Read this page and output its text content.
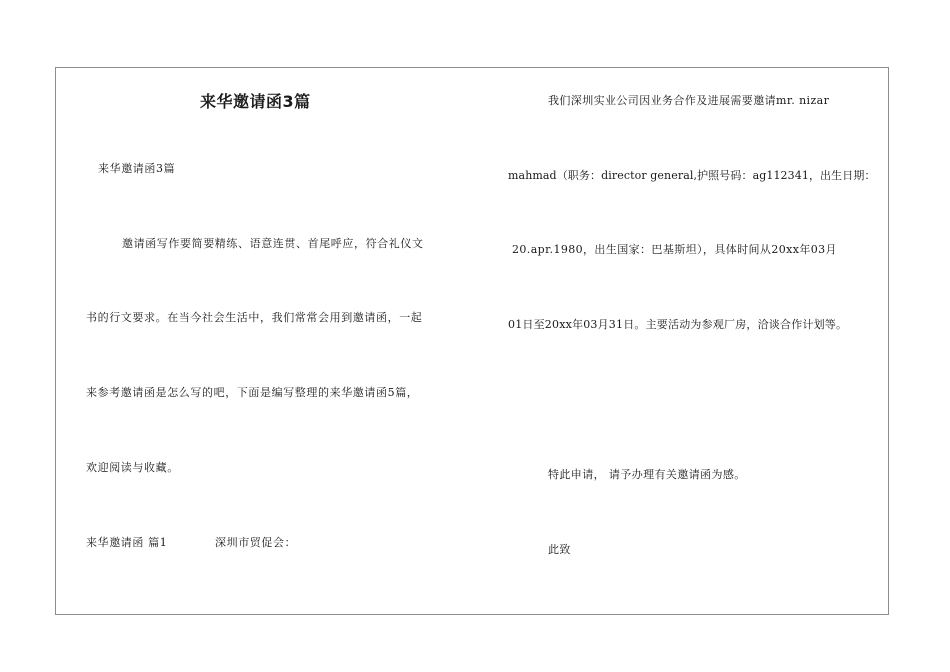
来华邀请函3篇
来华邀请函3篇
邀请函写作要简要精练、语意连贯、首尾呼应，符合礼仪文
书的行文要求。在当今社会生活中，我们常常会用到邀请函，一起
来参考邀请函是怎么写的吧，下面是编写整理的来华邀请函5篇，
欢迎阅读与收藏。
来华邀请函 篇1	深圳市贸促会：
我们深圳实业公司因业务合作及进展需要邀请mr. nizar
mahmad（职务：director general,护照号码：ag112341，出生日期：
20.apr.1980，出生国家：巴基斯坦），具体时间从20xx年03月
01日至20xx年03月31日。主要活动为参观厂房，洽谈合作计划等。
特此申请， 请予办理有关邀请函为感。
此致
